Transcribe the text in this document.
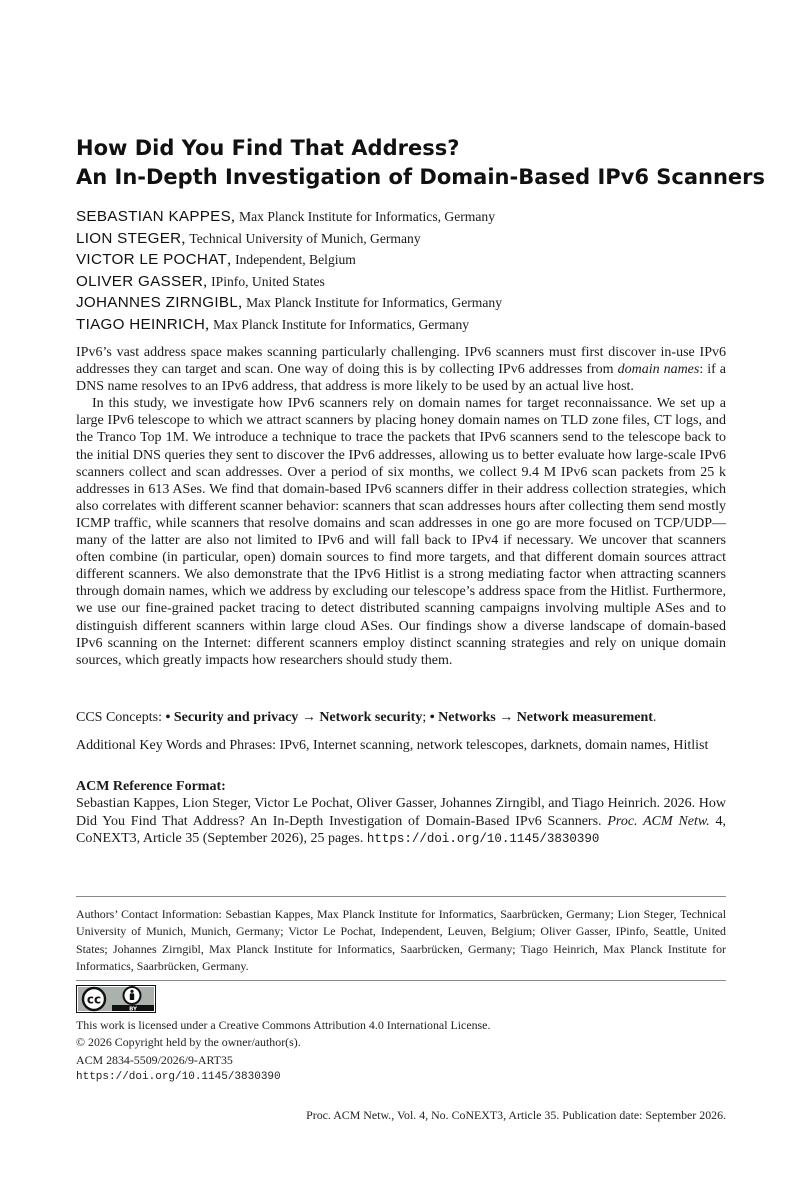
How Did You Find That Address?
An In-Depth Investigation of Domain-Based IPv6 Scanners
SEBASTIAN KAPPES, Max Planck Institute for Informatics, Germany
LION STEGER, Technical University of Munich, Germany
VICTOR LE POCHAT, Independent, Belgium
OLIVER GASSER, IPinfo, United States
JOHANNES ZIRNGIBL, Max Planck Institute for Informatics, Germany
TIAGO HEINRICH, Max Planck Institute for Informatics, Germany

IPv6’s vast address space makes scanning particularly challenging. IPv6 scanners must first discover in-use IPv6 addresses they can target and scan. One way of doing this is by collecting IPv6 addresses from domain names: if a DNS name resolves to an IPv6 address, that address is more likely to be used by an actual live host.

In this study, we investigate how IPv6 scanners rely on domain names for target reconnaissance. We set up a large IPv6 telescope to which we attract scanners by placing honey domain names on TLD zone files, CT logs, and the Tranco Top 1M. We introduce a technique to trace the packets that IPv6 scanners send to the telescope back to the initial DNS queries they sent to discover the IPv6 addresses, allowing us to better evaluate how large-scale IPv6 scanners collect and scan addresses. Over a period of six months, we collect 9.4 M IPv6 scan packets from 25 k addresses in 613 ASes. We find that domain-based IPv6 scanners differ in their address collection strategies, which also correlates with different scanner behavior: scanners that scan addresses hours after collecting them send mostly ICMP traffic, while scanners that resolve domains and scan addresses in one go are more focused on TCP/UDP—many of the latter are also not limited to IPv6 and will fall back to IPv4 if necessary. We uncover that scanners often combine (in particular, open) domain sources to find more targets, and that different domain sources attract different scanners. We also demonstrate that the IPv6 Hitlist is a strong mediating factor when attracting scanners through domain names, which we address by excluding our telescope’s address space from the Hitlist. Furthermore, we use our fine-grained packet tracing to detect distributed scanning campaigns involving multiple ASes and to distinguish different scanners within large cloud ASes. Our findings show a diverse landscape of domain-based IPv6 scanning on the Internet: different scanners employ distinct scanning strategies and rely on unique domain sources, which greatly impacts how researchers should study them.

CCS Concepts: • Security and privacy → Network security; • Networks → Network measurement.
Additional Key Words and Phrases: IPv6, Internet scanning, network telescopes, darknets, domain names, Hitlist
ACM Reference Format:
Sebastian Kappes, Lion Steger, Victor Le Pochat, Oliver Gasser, Johannes Zirngibl, and Tiago Heinrich. 2026. How Did You Find That Address? An In-Depth Investigation of Domain-Based IPv6 Scanners. Proc. ACM Netw. 4, CoNEXT3, Article 35 (September 2026), 25 pages. https://doi.org/10.1145/3830390
Authors’ Contact Information: Sebastian Kappes, Max Planck Institute for Informatics, Saarbrücken, Germany; Lion Steger, Technical University of Munich, Munich, Germany; Victor Le Pochat, Independent, Leuven, Belgium; Oliver Gasser, IPinfo, Seattle, United States; Johannes Zirngibl, Max Planck Institute for Informatics, Saarbrücken, Germany; Tiago Heinrich, Max Planck Institute for Informatics, Saarbrücken, Germany.
cc
BY
This work is licensed under a Creative Commons Attribution 4.0 International License.
© 2026 Copyright held by the owner/author(s).
ACM 2834-5509/2026/9-ART35
https://doi.org/10.1145/3830390
Proc. ACM Netw., Vol. 4, No. CoNEXT3, Article 35. Publication date: September 2026.
